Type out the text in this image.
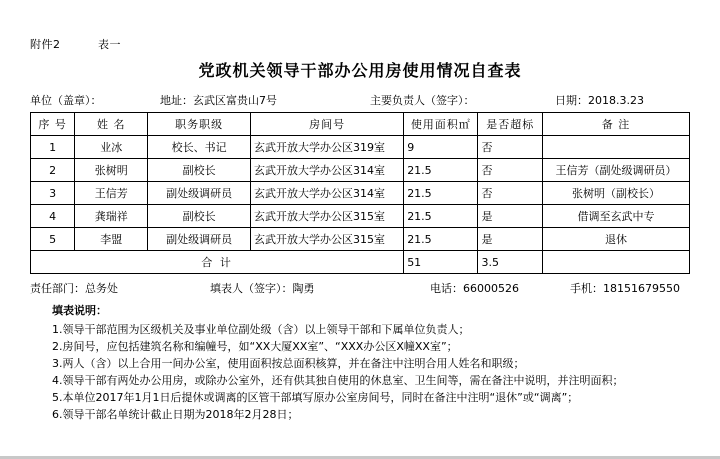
附件2	表一
党政机关领导干部办公用房使用情况自查表
单位（盖章）：	地址：玄武区富贵山7号	主要负责人（签字）：	日期：2018.3.23
序 号	姓 名	职务职级	房间号	使用面积㎡	是否超标	备 注
1	业冰	校长、书记	玄武开放大学办公区319室	9	否	
2	张树明	副校长	玄武开放大学办公区314室	21.5	否	王信芳（副处级调研员）
3	王信芳	副处级调研员	玄武开放大学办公区314室	21.5	否	张树明（副校长）
4	龚瑞祥	副校长	玄武开放大学办公区315室	21.5	是	借调至玄武中专
5	李盟	副处级调研员	玄武开放大学办公区315室	21.5	是	退休
合 计				51	3.5	
责任部门：总务处	填表人（签字）：陶勇	电话：66000526	手机：18151679550
填表说明：
1.领导干部范围为区级机关及事业单位副处级（含）以上领导干部和下属单位负责人；
2.房间号，应包括建筑名称和编幢号，如“XX大厦XX室”、“XXX办公区X幢XX室”；
3.两人（含）以上合用一间办公室，使用面积按总面积核算，并在备注中注明合用人姓名和职级；
4.领导干部有两处办公用房，或除办公室外，还有供其独自使用的休息室、卫生间等，需在备注中说明，并注明面积；
5.本单位2017年1月1日后提休或调离的区管干部填写原办公室房间号，同时在备注中注明“退休”或“调离”；
6.领导干部名单统计截止日期为2018年2月28日；
